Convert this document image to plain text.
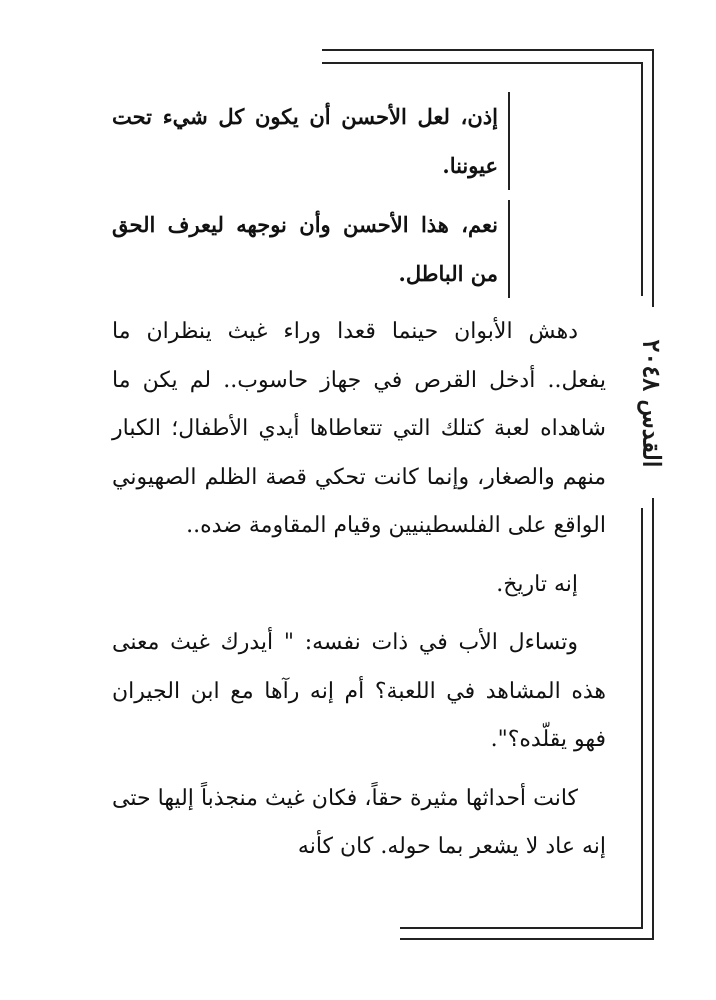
القدس ٢٠٤٨

إذن، لعل الأحسن أن يكون كل شيء تحت عيوننا.

نعم، هذا الأحسن وأن نوجهه ليعرف الحق من الباطل.

دهش الأبوان حينما قعدا وراء غيث ينظران ما يفعل.. أدخل القرص في جهاز حاسوب.. لم يكن ما شاهداه لعبة كتلك التي تتعاطاها أيدي الأطفال؛ الكبار منهم والصغار، وإنما كانت تحكي قصة الظلم الصهيوني الواقع على الفلسطينيين وقيام المقاومة ضده..

إنه تاريخ.

وتساءل الأب في ذات نفسه: " أيدرك غيث معنى هذه المشاهد في اللعبة؟ أم إنه رآها مع ابن الجيران فهو يقلّده؟".

كانت أحداثها مثيرة حقاً، فكان غيث منجذباً إليها حتى إنه عاد لا يشعر بما حوله. كان كأنه
